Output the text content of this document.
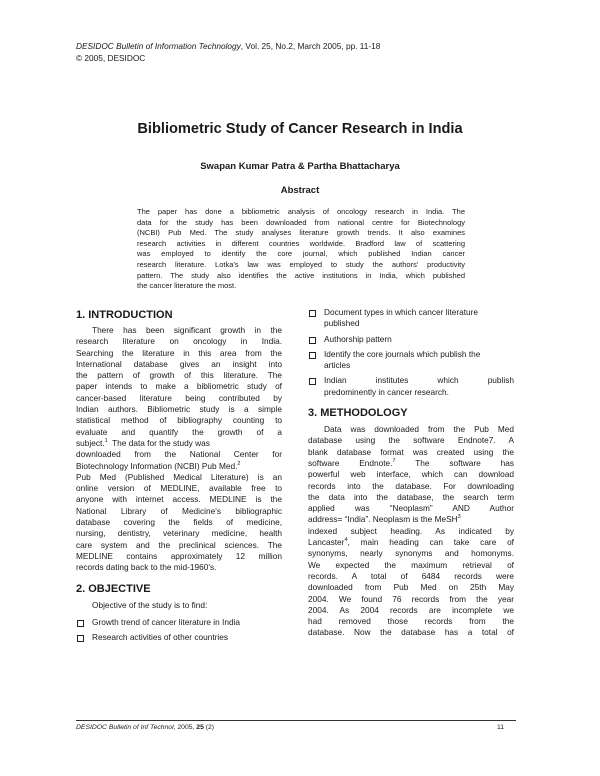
DESIDOC Bulletin of Information Technology, Vol. 25, No.2, March 2005, pp. 11-18
© 2005, DESIDOC
Bibliometric Study of Cancer Research in India
Swapan Kumar Patra & Partha Bhattacharya
Abstract
The paper has done a bibliometric analysis of oncology research in India. The
data for the study has been downloaded from national centre for Biotechnology
(NCBI) Pub Med. The study analyses literature growth trends. It also examines
research activities in different countries worldwide. Bradford law of scattering
was employed to identify the core journal, which published Indian cancer
research literature. Lotka's law was employed to study the authors' productivity
pattern. The study also identifies the active institutions in India, which published
the cancer literature the most.
1. INTRODUCTION
There has been significant growth in the
research literature on oncology in India.
Searching the literature in this area from the
International database gives an insight into
the pattern of growth of this literature. The
paper intends to make a bibliometric study of
cancer-based literature being contributed by
Indian authors. Bibliometric study is a simple
statistical method of bibliography counting to
evaluate and quantify the growth of a
subject.$^1$  The data for the study was
downloaded from the National Center for
Biotechnology Information (NCBI) Pub Med.$^2$
Pub Med (Published Medical Literature) is an
online version of MEDLINE, available free to
anyone with internet access. MEDLINE is the
National Library of Medicine's bibliographic
database covering the fields of medicine,
nursing, dentistry, veterinary medicine, health
care system and the preclinical sciences. The
MEDLINE contains approximately 12 million
records dating back to the mid-1960's.
2. OBJECTIVE
Objective of the study is to find:
Growth trend of cancer literature in India
Research activities of other countries
Document types in which cancer literature
published
Authorship pattern
Identify the core journals which publish the
articles
Indian institutes which publish
predominently in cancer research.
3. METHODOLOGY
Data was downloaded from the Pub Med
database using the software Endnote7. A
blank database format was created using the
software Endnote.$^7$ The software has
powerful web interface, which can download
records into the database. For downloading
the data into the database, the search term
applied was “Neoplasm” AND Author
address= “India”. Neoplasm is the MeSH$^3$
indexed subject heading. As indicated by
Lancaster$^4$, main heading can take care of
synonyms, nearly synonyms and homonyms.
We expected the maximum retrieval of
records. A total of 6484 records were
downloaded from Pub Med on 25th May
2004. We found 76 records from the year
2004. As 2004 records are incomplete we
had removed those records from the
database. Now the database has a total of
DESIDOC Bulletin of Inf Technol, 2005, 25 (2)	11
